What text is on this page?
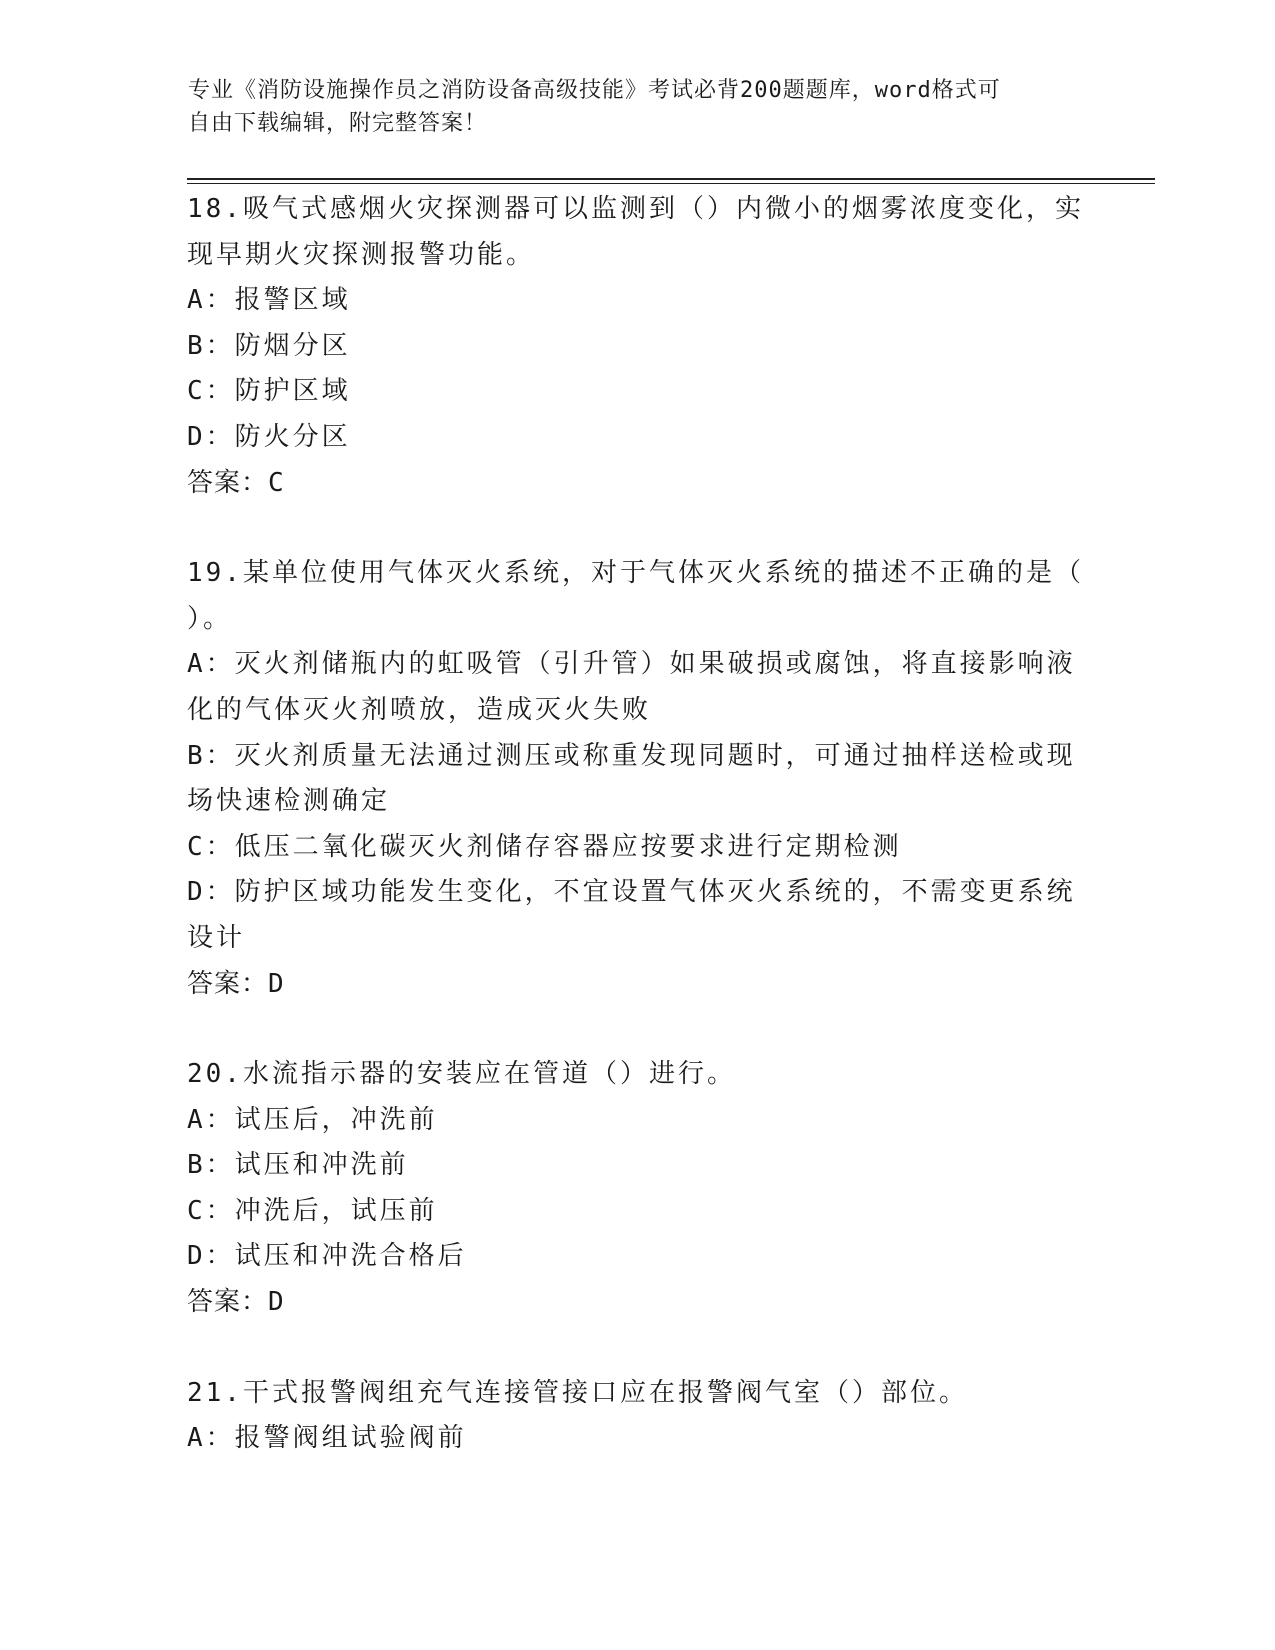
专业《消防设施操作员之消防设备高级技能》考试必背200题题库，word格式可
自由下载编辑，附完整答案！
18.吸气式感烟火灾探测器可以监测到（）内微小的烟雾浓度变化，实
现早期火灾探测报警功能。
A：报警区域
B：防烟分区
C：防护区域
D：防火分区
答案：C
19.某单位使用气体灭火系统，对于气体灭火系统的描述不正确的是（
）。
A：灭火剂储瓶内的虹吸管（引升管）如果破损或腐蚀，将直接影响液
化的气体灭火剂喷放，造成灭火失败
B：灭火剂质量无法通过测压或称重发现同题时，可通过抽样送检或现
场快速检测确定
C：低压二氧化碳灭火剂储存容器应按要求进行定期检测
D：防护区域功能发生变化，不宜设置气体灭火系统的，不需变更系统
设计
答案：D
20.水流指示器的安装应在管道（）进行。
A：试压后，冲洗前
B：试压和冲洗前
C：冲洗后，试压前
D：试压和冲洗合格后
答案：D
21.干式报警阀组充气连接管接口应在报警阀气室（）部位。
A：报警阀组试验阀前
